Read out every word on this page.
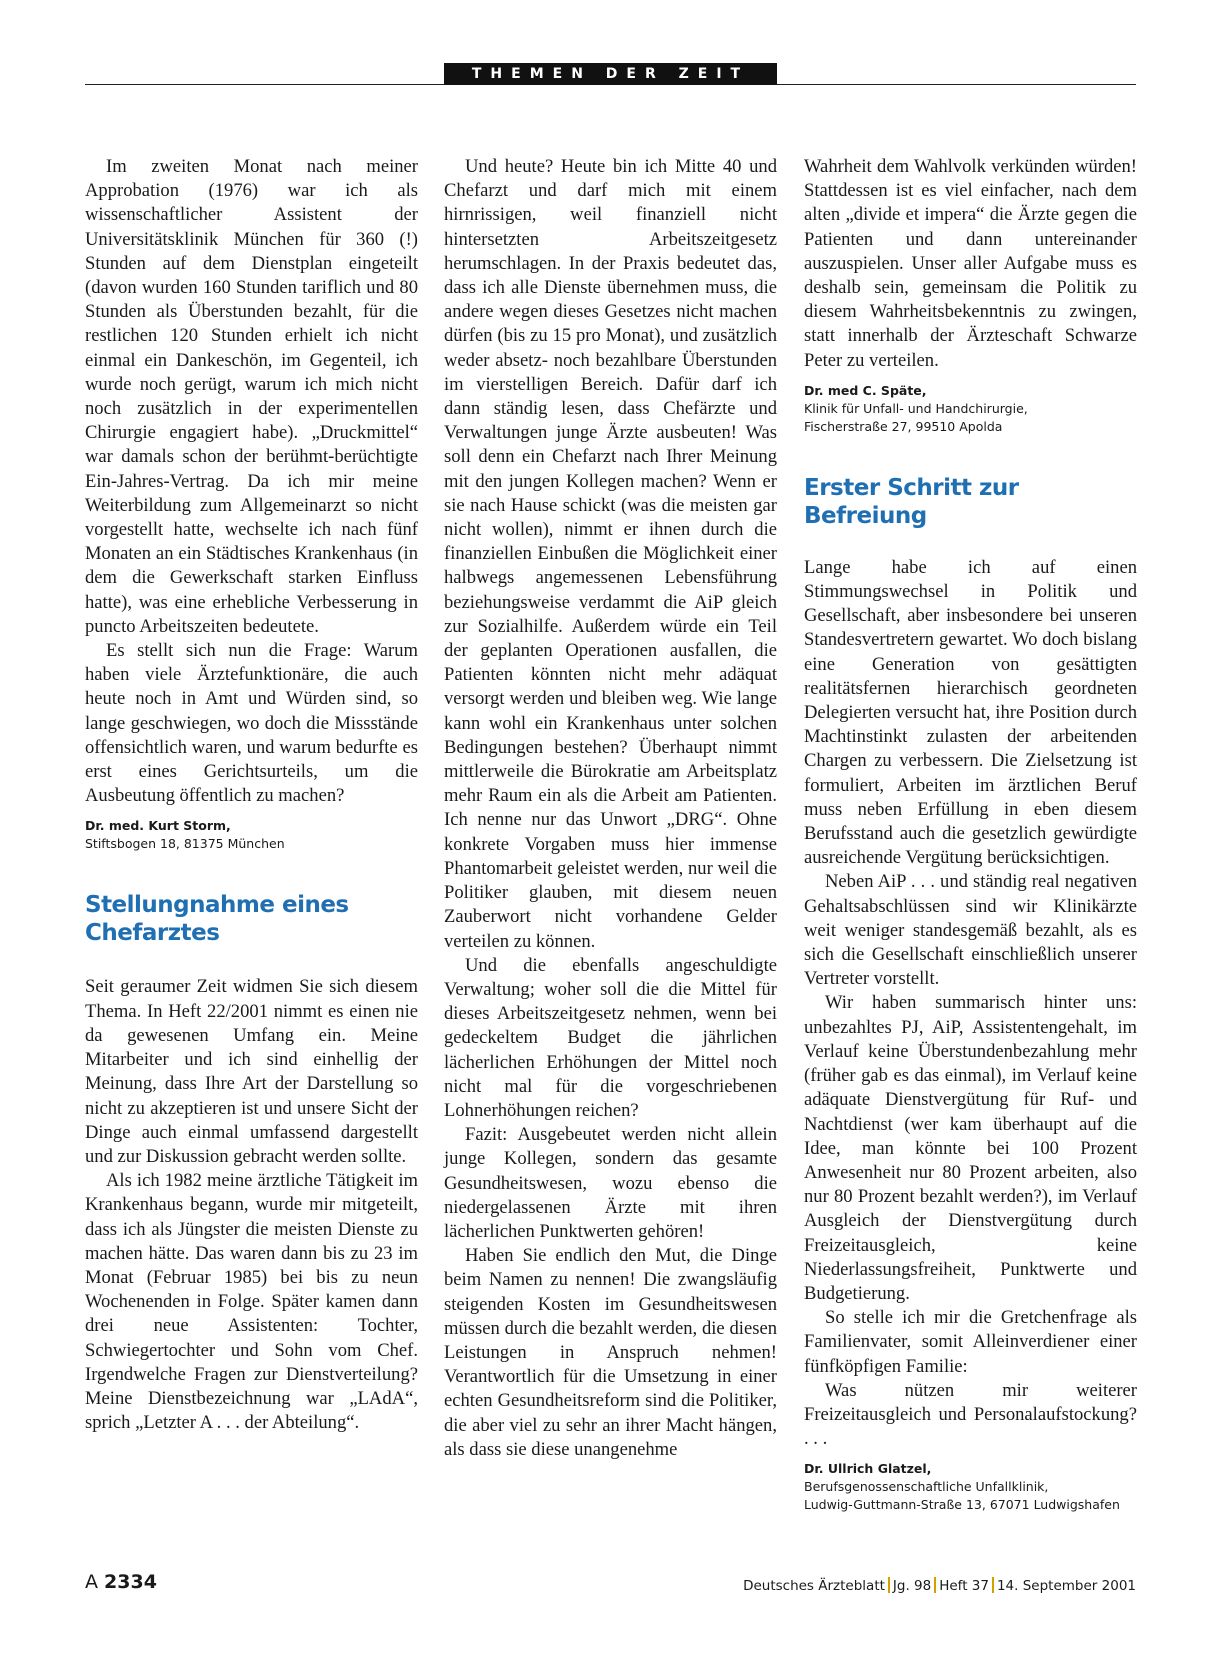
THEMEN DER ZEIT

Im zweiten Monat nach meiner Approbation (1976) war ich als wissenschaftlicher Assistent der Universitätsklinik München für 360 (!) Stunden auf dem Dienstplan eingeteilt (davon wurden 160 Stunden tariflich und 80 Stunden als Überstunden bezahlt, für die restlichen 120 Stunden erhielt ich nicht einmal ein Dankeschön, im Gegenteil, ich wurde noch gerügt, warum ich mich nicht noch zusätzlich in der experimentellen Chirurgie engagiert habe). „Druckmittel“ war damals schon der berühmt-berüchtigte Ein-Jahres-Vertrag. Da ich mir meine Weiterbildung zum Allgemeinarzt so nicht vorgestellt hatte, wechselte ich nach fünf Monaten an ein Städtisches Krankenhaus (in dem die Gewerkschaft starken Einfluss hatte), was eine erhebliche Verbesserung in puncto Arbeitszeiten bedeutete.

Es stellt sich nun die Frage: Warum haben viele Ärztefunktionäre, die auch heute noch in Amt und Würden sind, so lange geschwiegen, wo doch die Missstände offensichtlich waren, und warum bedurfte es erst eines Gerichtsurteils, um die Ausbeutung öffentlich zu machen?

Dr. med. Kurt Storm,
Stiftsbogen 18, 81375 München
Stellungnahme eines Chefarztes

Seit geraumer Zeit widmen Sie sich diesem Thema. In Heft 22/2001 nimmt es einen nie da gewesenen Umfang ein. Meine Mitarbeiter und ich sind einhellig der Meinung, dass Ihre Art der Darstellung so nicht zu akzeptieren ist und unsere Sicht der Dinge auch einmal umfassend dargestellt und zur Diskussion gebracht werden sollte.

Als ich 1982 meine ärztliche Tätigkeit im Krankenhaus begann, wurde mir mitgeteilt, dass ich als Jüngster die meisten Dienste zu machen hätte. Das waren dann bis zu 23 im Monat (Februar 1985) bei bis zu neun Wochenenden in Folge. Später kamen dann drei neue Assistenten: Tochter, Schwiegertochter und Sohn vom Chef. Irgendwelche Fragen zur Dienstverteilung? Meine Dienstbezeichnung war „LAdA“, sprich „Letzter A . . . der Abteilung“.

Und heute? Heute bin ich Mitte 40 und Chefarzt und darf mich mit einem hirnrissigen, weil finanziell nicht hintersetzten Arbeitszeitgesetz herumschlagen. In der Praxis bedeutet das, dass ich alle Dienste übernehmen muss, die andere wegen dieses Gesetzes nicht machen dürfen (bis zu 15 pro Monat), und zusätzlich weder absetz- noch bezahlbare Überstunden im vierstelligen Bereich. Dafür darf ich dann ständig lesen, dass Chefärzte und Verwaltungen junge Ärzte ausbeuten! Was soll denn ein Chefarzt nach Ihrer Meinung mit den jungen Kollegen machen? Wenn er sie nach Hause schickt (was die meisten gar nicht wollen), nimmt er ihnen durch die finanziellen Einbußen die Möglichkeit einer halbwegs angemessenen Lebensführung beziehungsweise verdammt die AiP gleich zur Sozialhilfe. Außerdem würde ein Teil der geplanten Operationen ausfallen, die Patienten könnten nicht mehr adäquat versorgt werden und bleiben weg. Wie lange kann wohl ein Krankenhaus unter solchen Bedingungen bestehen? Überhaupt nimmt mittlerweile die Bürokratie am Arbeitsplatz mehr Raum ein als die Arbeit am Patienten. Ich nenne nur das Unwort „DRG“. Ohne konkrete Vorgaben muss hier immense Phantomarbeit geleistet werden, nur weil die Politiker glauben, mit diesem neuen Zauberwort nicht vorhandene Gelder verteilen zu können.

Und die ebenfalls angeschuldigte Verwaltung; woher soll die die Mittel für dieses Arbeitszeitgesetz nehmen, wenn bei gedeckeltem Budget die jährlichen lächerlichen Erhöhungen der Mittel noch nicht mal für die vorgeschriebenen Lohnerhöhungen reichen?

Fazit: Ausgebeutet werden nicht allein junge Kollegen, sondern das gesamte Gesundheitswesen, wozu ebenso die niedergelassenen Ärzte mit ihren lächerlichen Punktwerten gehören!

Haben Sie endlich den Mut, die Dinge beim Namen zu nennen! Die zwangsläufig steigenden Kosten im Gesundheitswesen müssen durch die bezahlt werden, die diesen Leistungen in Anspruch nehmen! Verantwortlich für die Umsetzung in einer echten Gesundheitsreform sind die Politiker, die aber viel zu sehr an ihrer Macht hängen, als dass sie diese unangenehme

Wahrheit dem Wahlvolk verkünden würden! Stattdessen ist es viel einfacher, nach dem alten „divide et impera“ die Ärzte gegen die Patienten und dann untereinander auszuspielen. Unser aller Aufgabe muss es deshalb sein, gemeinsam die Politik zu diesem Wahrheitsbekenntnis zu zwingen, statt innerhalb der Ärzteschaft Schwarze Peter zu verteilen.

Dr. med C. Späte,
Klinik für Unfall- und Handchirurgie,
Fischerstraße 27, 99510 Apolda
Erster Schritt zur Befreiung

Lange habe ich auf einen Stimmungswechsel in Politik und Gesellschaft, aber insbesondere bei unseren Standesvertretern gewartet. Wo doch bislang eine Generation von gesättigten realitätsfernen hierarchisch geordneten Delegierten versucht hat, ihre Position durch Machtinstinkt zulasten der arbeitenden Chargen zu verbessern. Die Zielsetzung ist formuliert, Arbeiten im ärztlichen Beruf muss neben Erfüllung in eben diesem Berufsstand auch die gesetzlich gewürdigte ausreichende Vergütung berücksichtigen.

Neben AiP . . . und ständig real negativen Gehaltsabschlüssen sind wir Klinikärzte weit weniger standesgemäß bezahlt, als es sich die Gesellschaft einschließlich unserer Vertreter vorstellt.

Wir haben summarisch hinter uns: unbezahltes PJ, AiP, Assistentengehalt, im Verlauf keine Überstundenbezahlung mehr (früher gab es das einmal), im Verlauf keine adäquate Dienstvergütung für Ruf- und Nachtdienst (wer kam überhaupt auf die Idee, man könnte bei 100 Prozent Anwesenheit nur 80 Prozent arbeiten, also nur 80 Prozent bezahlt werden?), im Verlauf Ausgleich der Dienstvergütung durch Freizeitausgleich, keine Niederlassungsfreiheit, Punktwerte und Budgetierung.

So stelle ich mir die Gretchenfrage als Familienvater, somit Alleinverdiener einer fünfköpfigen Familie:

Was nützen mir weiterer Freizeitausgleich und Personalaufstockung? . . .

Dr. Ullrich Glatzel,
Berufsgenossenschaftliche Unfallklinik,
Ludwig-Guttmann-Straße 13, 67071 Ludwigshafen
A 2334	Deutsches Ärzteblatt Jg. 98 Heft 37 14. September 2001
